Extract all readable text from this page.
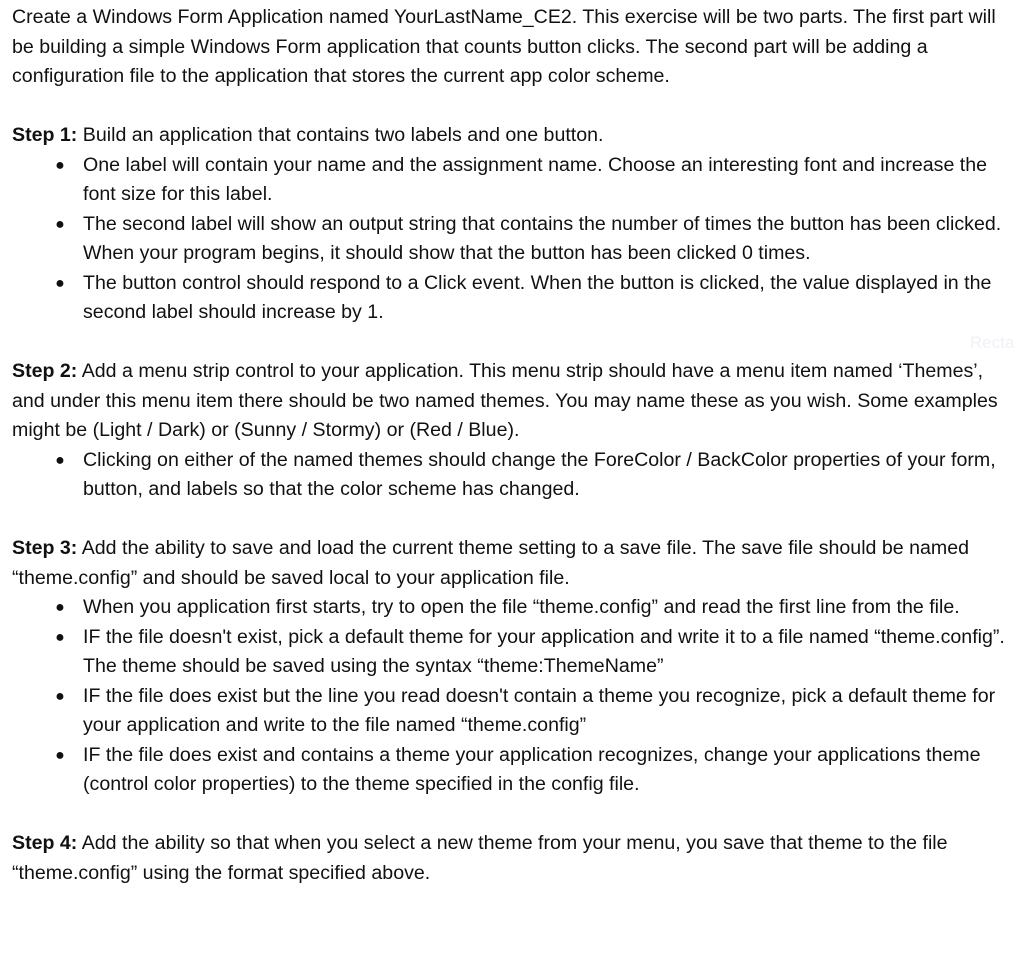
Create a Windows Form Application named YourLastName_CE2. This exercise will be two parts. The first part will be building a simple Windows Form application that counts button clicks. The second part will be adding a configuration file to the application that stores the current app color scheme.

Step 1: Build an application that contains two labels and one button.

● One label will contain your name and the assignment name. Choose an interesting font and increase the font size for this label.
● The second label will show an output string that contains the number of times the button has been clicked. When your program begins, it should show that the button has been clicked 0 times.
● The button control should respond to a Click event. When the button is clicked, the value displayed in the second label should increase by 1.

Step 2: Add a menu strip control to your application. This menu strip should have a menu item named ‘Themes’, and under this menu item there should be two named themes. You may name these as you wish. Some examples might be (Light / Dark) or (Sunny / Stormy) or (Red / Blue).

● Clicking on either of the named themes should change the ForeColor / BackColor properties of your form, button, and labels so that the color scheme has changed.

Step 3: Add the ability to save and load the current theme setting to a save file. The save file should be named “theme.config” and should be saved local to your application file.

● When you application first starts, try to open the file “theme.config” and read the first line from the file.
● IF the file doesn't exist, pick a default theme for your application and write it to a file named “theme.config”. The theme should be saved using the syntax “theme:ThemeName”
● IF the file does exist but the line you read doesn't contain a theme you recognize, pick a default theme for your application and write to the file named “theme.config”
● IF the file does exist and contains a theme your application recognizes, change your applications theme (control color properties) to the theme specified in the config file.

Step 4: Add the ability so that when you select a new theme from your menu, you save that theme to the file “theme.config” using the format specified above.

Recta
